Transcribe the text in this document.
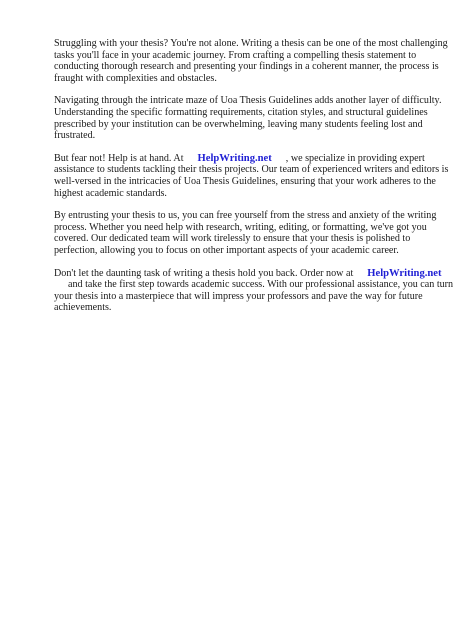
Struggling with your thesis? You're not alone. Writing a thesis can be one of the most challenging tasks you'll face in your academic journey. From crafting a compelling thesis statement to conducting thorough research and presenting your findings in a coherent manner, the process is fraught with complexities and obstacles.

Navigating through the intricate maze of Uoa Thesis Guidelines adds another layer of difficulty. Understanding the specific formatting requirements, citation styles, and structural guidelines prescribed by your institution can be overwhelming, leaving many students feeling lost and frustrated.

But fear not! Help is at hand. At HelpWriting.net , we specialize in providing expert assistance to students tackling their thesis projects. Our team of experienced writers and editors is well-versed in the intricacies of Uoa Thesis Guidelines, ensuring that your work adheres to the highest academic standards.

By entrusting your thesis to us, you can free yourself from the stress and anxiety of the writing process. Whether you need help with research, writing, editing, or formatting, we've got you covered. Our dedicated team will work tirelessly to ensure that your thesis is polished to perfection, allowing you to focus on other important aspects of your academic career.

Don't let the daunting task of writing a thesis hold you back. Order now at HelpWriting.netand take the first step towards academic success. With our professional assistance, you can turn your thesis into a masterpiece that will impress your professors and pave the way for future achievements.
